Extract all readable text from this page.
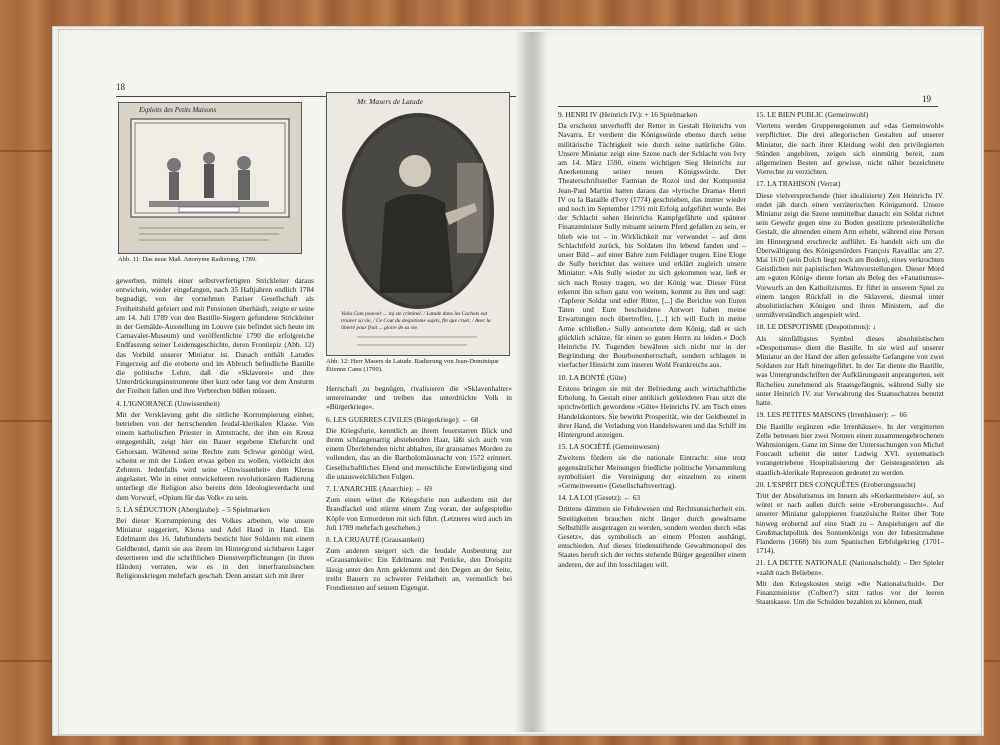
18
Exploits des Petits Maisons
Abb. 11: Das neue Maß. Anonyme Radierung, 1789.
Mr. Masers de Latude
Voila Cum pouvoir ... inj ste criminel. / Latude dans les Cachots eut trouver sa vie, / Ce Cout du despotisme sujets, fin que cruel, / Avec la liberté pour fruit ... gloire de sa vie.
Abb. 12: Herr Masers de Latude. Radierung von Jean-Dominique Étienne Canu (1790).

gewerben, mittels einer selbstverfertigten Strickleiter daraus entwichen, wieder eingefangen, nach 35 Haftjahren endlich 1784 begnadigt, von der vornehmen Pariser Gesellschaft als Freiheitsheld gefeiert und mit Pensionen überhäuft, zeigte er seine am 14. Juli 1789 von den Bastille-Siegern gefundene Strickleiter in der Gemälde-Ausstellung im Louvre (sie befindet sich heute im Carnavalet-Museum) und veröffentlichte 1790 die erfolgreiche Endfassung seiner Leidensgeschichte, deren Frontispiz (Abb. 12) das Vorbild unserer Miniatur ist. Danach enthält Latudes Fingerzeig auf die eroberte und im Abbruch befindliche Bastille die politische Lehre, daß die »Sklaverei« und ihre Unterdrückungsinstrumente über kurz oder lang vor dem Ansturm der Freiheit fallen und ihre Verbrechen büßen müssen.

4. L'IGNORANCE (Unwissenheit)

Mit der Versklavung geht die sittliche Korrumpierung einher, betrieben von der herrschenden feudal-klerikalen Klasse. Von einem katholischen Priester in Amtstracht, der ihm ein Kreuz entgegenhält, zeigt hier ein Bauer ergebene Ehrfurcht und Gehorsam. Während seine Rechte zum Schwur genötigt wird, scheint er mit der Linken etwas geben zu wollen, vielleicht den Zehnten. Jedenfalls wird seine »Unwissenheit« dem Klerus angelastet. Wie in einer entwickelteren revolutionären Radierung unterliegt die Religion also bereits dem Ideologieverdacht und dem Vorwurf, »Opium für das Volk« zu sein.

5. LA SÉDUCTION (Aberglaube): – 5 Spielmarken

Bei dieser Korrumpierung des Volkes arbeiten, wie unsere Miniatur suggeriert, Klerus und Adel Hand in Hand. Ein Edelmann des 16. Jahrhunderts besticht hier Soldaten mit einem Geldbeutel, damit sie aus ihrem im Hintergrund sichtbaren Lager desertieren und die schriftlichen Dienstverpflichtungen (in ihren Händen) verraten, wie es in den innerfranzösischen Religionskriegen mehrfach geschah. Denn anstatt sich mit ihrer

Herrschaft zu begnügen, rivalisieren die »Sklavenhalter« untereinander und treiben das unterdrückte Volk in »Bürgerkriege«.

6. LES GUERRES CIVILES (Bürgerkriege): ← 68

Die Kriegsfurie, kenntlich an ihrem feuerstarren Blick und ihrem schlangenartig abstehenden Haar, läßt sich auch von einem Überlebenden nicht abhalten, ihr grausames Morden zu vollenden, das an die Bartholomäusnacht von 1572 erinnert. Gesellschaftliches Elend und menschliche Entwürdigung sind die unausweichlichen Folgen.

7. L'ANARCHIE (Anarchie): ← 69

Zum einen wütet die Kriegsfurie nun außerdem mit der Brandfackel und stürmt einem Zug voran, der aufgespießte Köpfe von Ermordeten mit sich führt. (Letzteres wird auch im Juli 1789 mehrfach geschehen.)

8. LA CRUAUTÉ (Grausamkeit)

Zum anderen steigert sich die feudale Ausbeutung zur »Grausamkeit«: Ein Edelmann mit Perücke, den Dreispitz lässig unter den Arm geklemmt und den Degen an der Seite, treibt Bauern zu schwerer Feldarbeit an, vermutlich bei Frondiensten auf seinem Eigengut.

19

9. HENRI IV (Heinrich IV.): + 16 Spielmarken

Da erscheint unverhofft der Retter in Gestalt Heinrichs von Navarra. Er verdient die Königswürde ebenso durch seine militärische Tüchtigkeit wie durch seine natürliche Güte. Unsere Miniatur zeigt eine Szene nach der Schlacht von Ivry am 14. März 1590, einem wichtigen Sieg Heinrichs zur Anerkennung seiner neuen Königswürde. Der Theaterschriftsteller Farmian de Rozoi und der Komponist Jean-Paul Martini hatten daraus das »lyrische Drama« Henri IV ou la Bataille d'Ivry (1774) geschrieben, das immer wieder und noch im September 1791 mit Erfolg aufgeführt wurde. Bei der Schlacht sehen Heinrichs Kampfgefährte und späterer Finanzminister Sully mitsamt seinem Pferd gefallen zu sein, er blieb wie tot – in Wirklichkeit nur verwundet – auf dem Schlachtfeld zurück, bis Soldaten ihn lebend fanden und – unser Bild – auf einer Bahre zum Feldlager trugen. Eine Eloge de Sully berichtet das weitere und erklärt zugleich unsere Miniatur: »Als Sully wieder zu sich gekommen war, ließ er sich nach Rosny tragen, wo der König war. Dieser Fürst erkennt ihn schon ganz von weitem, kommt zu ihm und sagt: ›Tapferer Soldat und edler Ritter, [...] die Berichte von Euren Taten und Eure bescheidene Antwort haben meine Erwartungen noch übertroffen, [...] ich will Euch in meine Arme schließen.‹ Sully antwortete dem König, daß er sich glücklich schätze, für einen so guten Herrn zu leiden.« Doch Heinrichs IV. Tugenden bewähren sich nicht nur in der Begründung der Bourbonenherrschaft, sondern schlagen in vierfacher Hinsicht zum inneren Wohl Frankreichs aus.

10. LA BONTÉ (Güte)

Erstens bringen sie mit der Befriedung auch wirtschaftliche Erholung. In Gestalt einer antikisch gekleideten Frau sitzt die sprichwörtlich gewordene »Güte« Heinrichs IV. am Tisch eines Handelskontors. Sie bewirkt Prosperität, wie der Geldbeutel in ihrer Hand, die Verladung von Handelswaren und das Schiff im Hintergrund anzeigen.

15. LA SOCIÉTÉ (Gemeinwesen)

Zweitens fördern sie die nationale Eintracht: eine trotz gegensätzlicher Meinungen friedliche politische Versammlung symbolisiert die Vereinigung der einzelnen zu einem »Gemeinwesen« (Gesellschaftsvertrag).

14. LA LOI (Gesetz): ← 63

Drittens dämmen sie Fehdewesen und Rechtsunsicherheit ein. Streitigkeiten brauchen nicht länger durch gewaltsame Selbsthilfe ausgetragen zu werden, sondern werden durch »das Gesetz«, das symbolisch an einem Pfosten aushängt, entschieden. Auf dieses friedenstiftende Gewaltmonopol des Staates beruft sich der rechts stehende Bürger gegenüber einem anderen, der auf ihn losschlagen will.

15. LE BIEN PUBLIC (Gemeinwohl)

Viertens werden Gruppenegoismen auf »das Gemeinwohl« verpflichtet. Die drei allegorischen Gestalten auf unserer Miniatur, die nach ihrer Kleidung wohl den privilegierten Ständen angehören, zeigen sich einmütig bereit, zum allgemeinen Besten auf gewisse, nicht näher bezeichnete Vorrechte zu verzichten.

17. LA TRAHISON (Verrat)

Diese vielversprechende (hier idealisierte) Zeit Heinrichs IV. endet jäh durch einen verräterischen Königsmord. Unsere Miniatur zeigt die Szene unmittelbar danach: ein Soldat richtet sein Gewehr gegen eine zu Boden gestürzte priesterähnliche Gestalt, die ahnenden einem Arm erhebt, während eine Person im Hintergrund erschreckt aufführt. Es handelt sich um die Überwältigung des Königsmörders François Ravaillac am 27. Mai 1610 (sein Dolch liegt noch am Boden), eines verkrochten Geistlichen mit papistischen Wahnvorstellungen. Dieser Mord am »guten König« diente fortan als Beleg des »Fanatismus«-Vorwurfs an den Katholizismus. Er führt in unserem Spiel zu einem langen Rückfall in die Sklaverei, diesmal unter absolutistischen Königen und ihren Ministern, auf die unmißverständlich angespielt wird.

18. LE DESPOTISME (Despotismus): ↓

Als sinnfälligstes Symbol dieses absolutistischen »Despotismus« dient die Bastille. In sie wird auf unserer Miniatur an der Hand der allen gefesselte Gefangene von zwei Soldaten zur Haft hineingeführt. In der Tat diente die Bastille, was Untergrundschriften der Aufklärungszeit anprangerten, seit Richelieu zunehmend als Staatsgefängnis, während Sully sie unter Heinrich IV. zur Verwahrung des Staatsschatzes benutzt hatte.

19. LES PETITES MAISONS (Irrenhäuser): ← 66

Die Bastille ergänzen »die Irrenhäuser«. In der vergitterten Zelle betreuen hier zwei Nonnen einen zusammengebrochenen Wahnsinnigen. Ganz im Sinne der Untersuchungen von Michel Foucault scheint die unter Ludwig XVI. systematisch vorangetriebene Hospitalisierung der Geistesgestörten als staatlich-klerikale Repression gedeutet zu werden.

20. L'ESPRIT DES CONQUÊTES (Eroberungssucht)

Tritt der Absolutismus im Innern als »Kerkermeister« auf, so wütet er nach außen durch seine »Eroberungssucht«. Auf unserer Miniatur galoppieren französische Reiter über Tote hinweg erobernd auf eine Stadt zu – Anspielungen auf die Großmachtpolitik des Sonnenkönigs von der Inbesitznahme Flanderns (1668) bis zum Spanischen Erbfolgekrieg (1701–1714).

21. LA DETTE NATIONALE (Nationalschuld): – Der Spieler »zahlt nach Belieben«.

Mit den Kriegskosten steigt »die Nationalschuld«. Der Finanzminister (Colbert?) sitzt ratlos vor der leeren Staatskasse. Um die Schulden bezahlen zu können, muß
